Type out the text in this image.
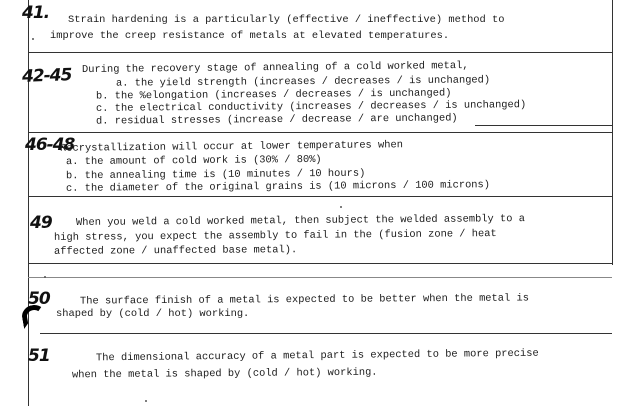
41. Strain hardening is a particularly (effective / ineffective) method to
improve the creep resistance of metals at elevated temperatures.
42-45 During the recovery stage of annealing of a cold worked metal,
a. the yield strength (increases / decreases / is unchanged)
b. the %elongation (increases / decreases / is unchanged)
c. the electrical conductivity (increases / decreases / is unchanged)
d. residual stresses (increase / decrease / are unchanged)
46-48
Recrystallization will occur at lower temperatures when
a. the amount of cold work is (30% / 80%)
b. the annealing time is (10 minutes / 10 hours)
c. the diameter of the original grains is (10 microns / 100 microns)
49 When you weld a cold worked metal, then subject the welded assembly to a
high stress, you expect the assembly to fail in the (fusion zone / heat
affected zone / unaffected base metal).
50	The surface finish of a metal is expected to be better when the metal is
shaped by (cold / hot) working.
51	The dimensional accuracy of a metal part is expected to be more precise
when the metal is shaped by (cold / hot) working.
